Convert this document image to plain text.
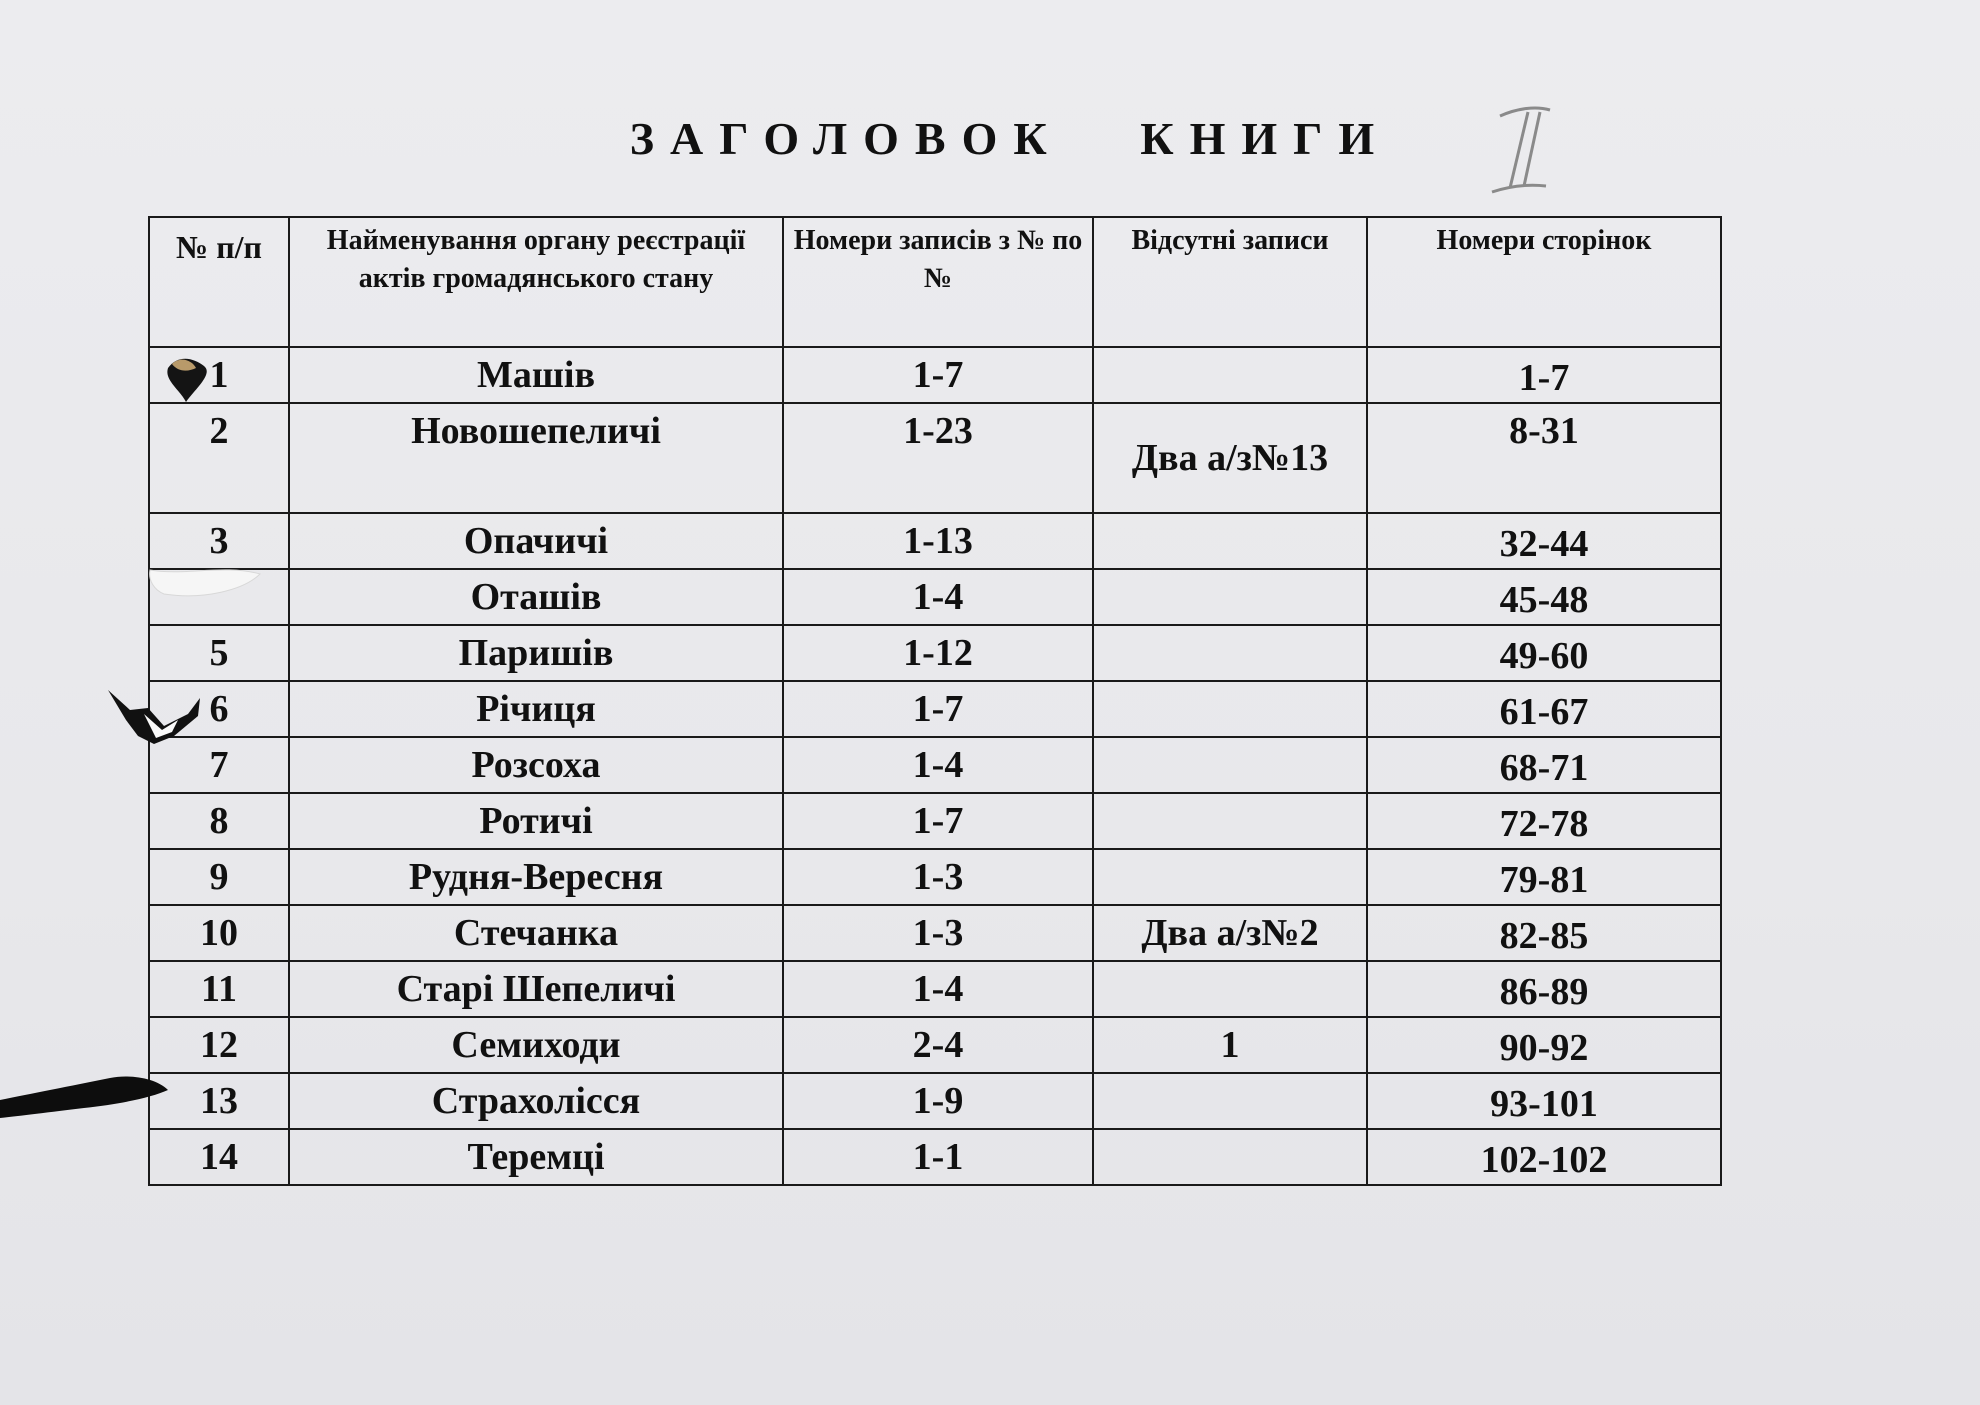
ЗАГОЛОВОК КНИГИ
№ п/п	Найменування органу реєстрації актів громадянського стану	Номери записів з № по №	Відсутні записи	Номери сторінок
1	Машів	1-7		1-7
2	Новошепеличі	1-23	Два а/з№13	8-31
3	Опачичі	1-13		32-44
	Оташів	1-4		45-48
5	Паришів	1-12		49-60
6	Річиця	1-7		61-67
7	Розсоха	1-4		68-71
8	Ротичі	1-7		72-78
9	Рудня-Вересня	1-3		79-81
10	Стечанка	1-3	Два а/з№2	82-85
11	Старі Шепеличі	1-4		86-89
12	Семиходи	2-4	1	90-92
13	Страхолісся	1-9		93-101
14	Теремці	1-1		102-102
